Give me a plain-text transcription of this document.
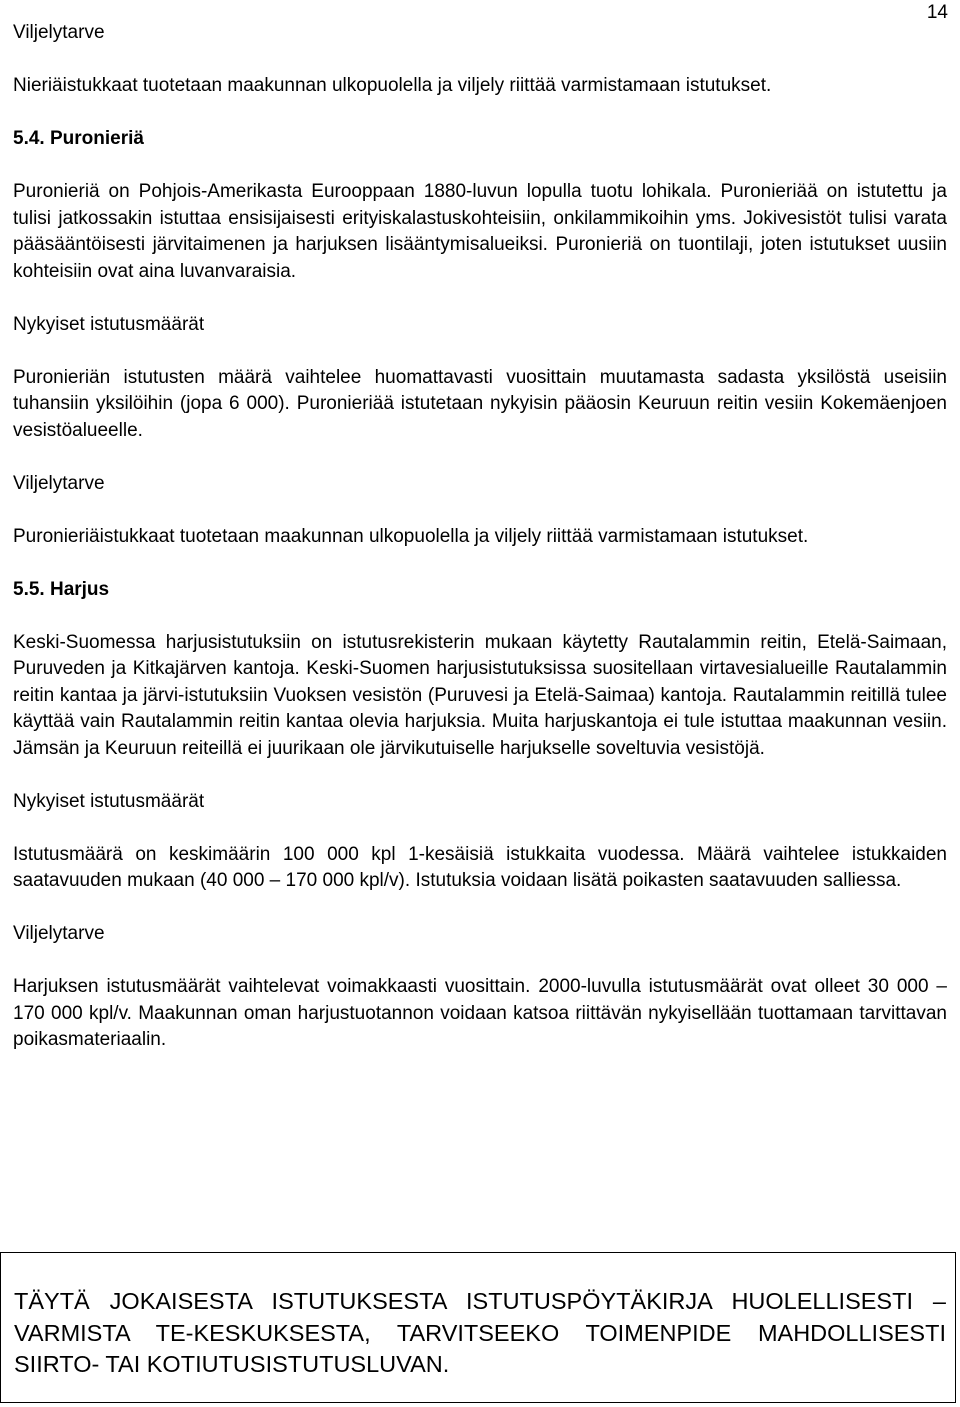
14
Viljelytarve

Nieriäistukkaat tuotetaan maakunnan ulkopuolella ja viljely riittää varmistamaan istutukset.

5.4. Puronieriä

Puronieriä on Pohjois-Amerikasta Eurooppaan 1880-luvun lopulla tuotu lohikala. Puronieriää on istutettu ja tulisi jatkossakin istuttaa ensisijaisesti erityiskalastuskohteisiin, onkilammikoihin yms. Jokivesistöt tulisi varata pääsääntöisesti järvitaimenen ja harjuksen lisääntymisalueiksi. Puronieriä on tuontilaji, joten istutukset uusiin kohteisiin ovat aina luvanvaraisia.

Nykyiset istutusmäärät

Puronieriän istutusten määrä vaihtelee huomattavasti vuosittain muutamasta sadasta yksilöstä useisiin tuhansiin yksilöihin (jopa 6 000). Puronieriää istutetaan nykyisin pääosin Keuruun reitin vesiin Kokemäenjoen vesistöalueelle.

Viljelytarve

Puronieriäistukkaat tuotetaan maakunnan ulkopuolella ja viljely riittää varmistamaan istutukset.

5.5. Harjus

Keski-Suomessa harjusistutuksiin on istutusrekisterin mukaan käytetty Rautalammin reitin, Etelä-Saimaan, Puruveden ja Kitkajärven kantoja. Keski-Suomen harjusistutuksissa suositellaan virtavesialueille Rautalammin reitin kantaa ja järvi-istutuksiin Vuoksen vesistön (Puruvesi ja Etelä-Saimaa) kantoja. Rautalammin reitillä tulee käyttää vain Rautalammin reitin kantaa olevia harjuksia. Muita harjuskantoja ei tule istuttaa maakunnan vesiin. Jämsän ja Keuruun reiteillä ei juurikaan ole järvikutuiselle harjukselle soveltuvia vesistöjä.

Nykyiset istutusmäärät

Istutusmäärä on keskimäärin 100 000 kpl 1-kesäisiä istukkaita vuodessa. Määrä vaihtelee istukkaiden saatavuuden mukaan (40 000 – 170 000 kpl/v). Istutuksia voidaan lisätä poikasten saatavuuden salliessa.

Viljelytarve

Harjuksen istutusmäärät vaihtelevat voimakkaasti vuosittain. 2000-luvulla istutusmäärät ovat olleet 30 000 – 170 000 kpl/v. Maakunnan oman harjustuotannon voidaan katsoa riittävän nykyisellään tuottamaan tarvittavan poikasmateriaalin.

TÄYTÄ JOKAISESTA ISTUTUKSESTA ISTUTUSPÖYTÄKIRJA HUOLELLISESTI – VARMISTA TE-KESKUKSESTA, TARVITSEEKO TOIMENPIDE MAHDOLLISESTI SIIRTO- TAI KOTIUTUSISTUTUSLUVAN.
